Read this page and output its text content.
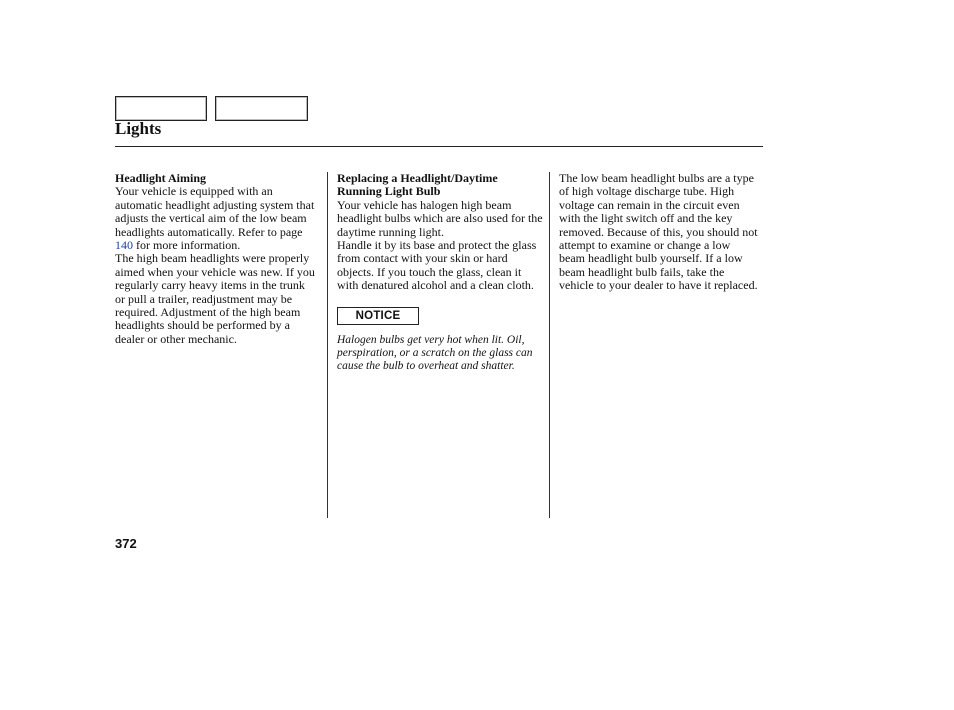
Lights

Headlight Aiming

Your vehicle is equipped with an automatic headlight adjusting system that adjusts the vertical aim of the low beam headlights automatically. Refer to page 140 for more information.

The high beam headlights were properly aimed when your vehicle was new. If you regularly carry heavy items in the trunk or pull a trailer, readjustment may be required. Adjustment of the high beam headlights should be performed by a dealer or other mechanic.

Replacing a Headlight/Daytime Running Light Bulb

Your vehicle has halogen high beam headlight bulbs which are also used for the daytime running light.

Handle it by its base and protect the glass from contact with your skin or hard objects. If you touch the glass, clean it with denatured alcohol and a clean cloth.

NOTICE

Halogen bulbs get very hot when lit. Oil, perspiration, or a scratch on the glass can cause the bulb to overheat and shatter.

The low beam headlight bulbs are a type of high voltage discharge tube. High voltage can remain in the circuit even with the light switch off and the key removed. Because of this, you should not attempt to examine or change a low beam headlight bulb yourself. If a low beam headlight bulb fails, take the vehicle to your dealer to have it replaced.

372
